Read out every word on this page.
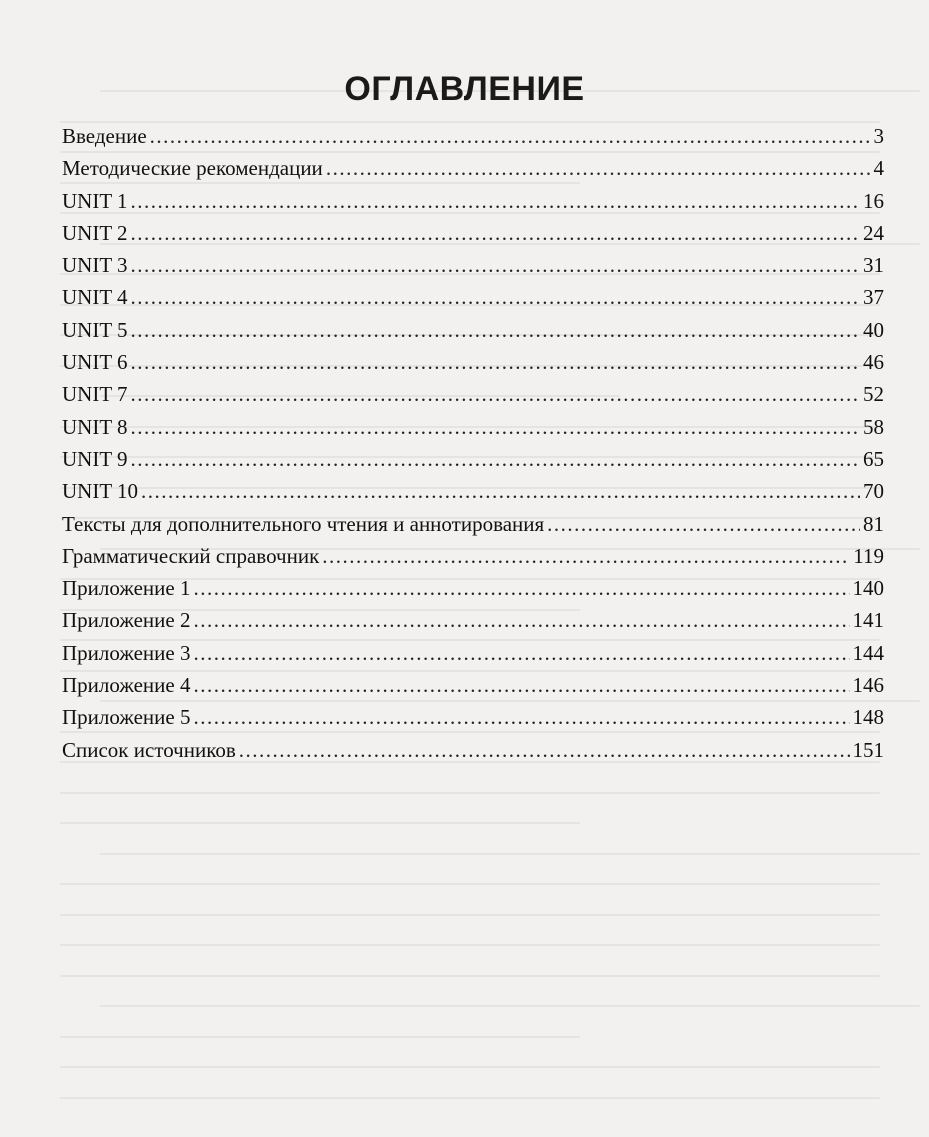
ОГЛАВЛЕНИЕ
Введение .....	3
Методические рекомендации .....	4
UNIT 1 .....	16
UNIT 2 .....	24
UNIT 3 .....	31
UNIT 4 .....	37
UNIT 5 .....	40
UNIT 6 .....	46
UNIT 7 .....	52
UNIT 8 .....	58
UNIT 9 .....	65
UNIT 10 .....	70
Тексты для дополнительного чтения и аннотирования .....	81
Грамматический справочник .....	119
Приложение 1 .....	140
Приложение 2 .....	141
Приложение 3 .....	144
Приложение 4 .....	146
Приложение 5 .....	148
Список источников .....	151
